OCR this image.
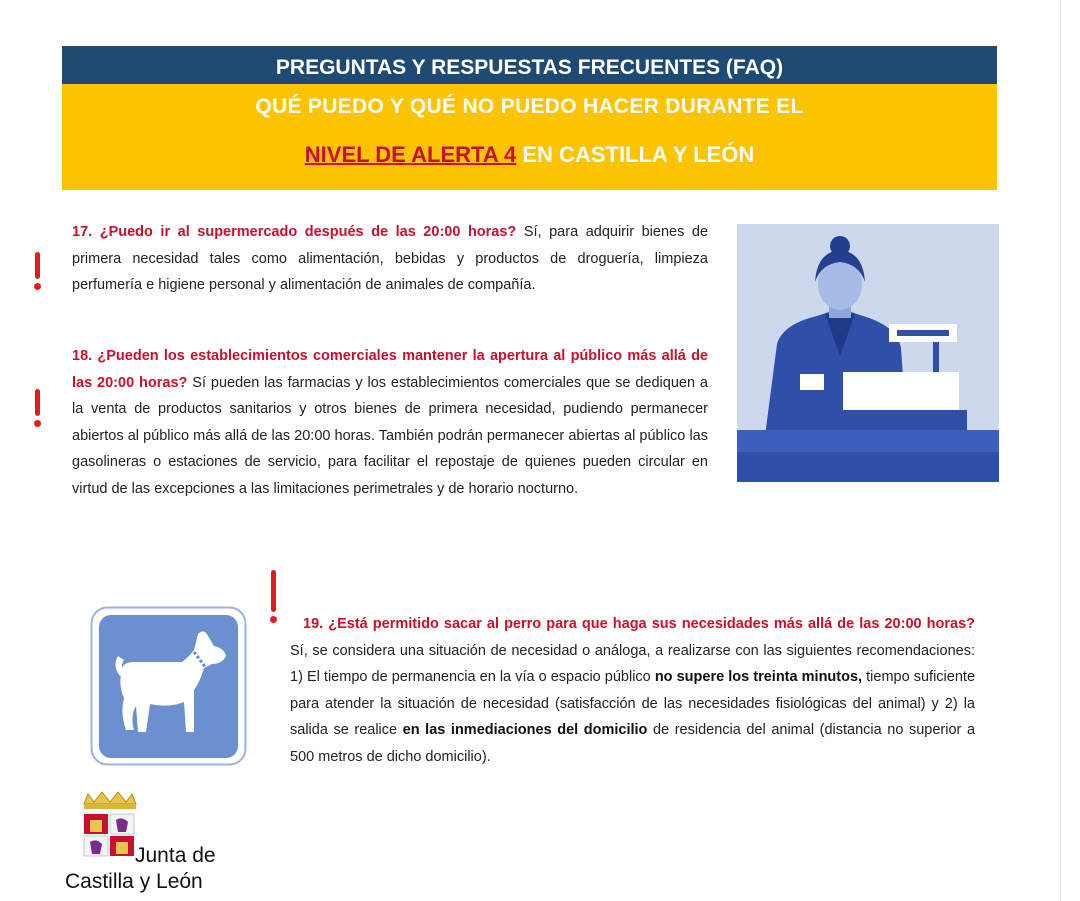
PREGUNTAS Y RESPUESTAS FRECUENTES (FAQ)
QUÉ PUEDO Y QUÉ NO PUEDO HACER DURANTE EL
NIVEL DE ALERTA 4 EN CASTILLA Y LEÓN
17. ¿Puedo ir al supermercado después de las 20:00 horas? Sí, para adquirir bienes de primera necesidad tales como alimentación, bebidas y productos de droguería, limpieza perfumería e higiene personal y alimentación de animales de compañía.
18. ¿Pueden los establecimientos comerciales mantener la apertura al público más allá de las 20:00 horas? Sí pueden las farmacias y los establecimientos comerciales que se dediquen a la venta de productos sanitarios y otros bienes de primera necesidad, pudiendo permanecer abiertos al público más allá de las 20:00 horas. También podrán permanecer abiertas al público las gasolineras o estaciones de servicio, para facilitar el repostaje de quienes pueden circular en virtud de las excepciones a las limitaciones perimetrales y de horario nocturno.
19. ¿Está permitido sacar al perro para que haga sus necesidades más allá de las 20:00 horas? Sí, se considera una situación de necesidad o análoga, a realizarse con las siguientes recomendaciones: 1) El tiempo de permanencia en la vía o espacio público no supere los treinta minutos, tiempo suficiente para atender la situación de necesidad (satisfacción de las necesidades fisiológicas del animal) y 2) la salida se realice en las inmediaciones del domicilio de residencia del animal (distancia no superior a 500 metros de dicho domicilio).
Junta de
Castilla y León
